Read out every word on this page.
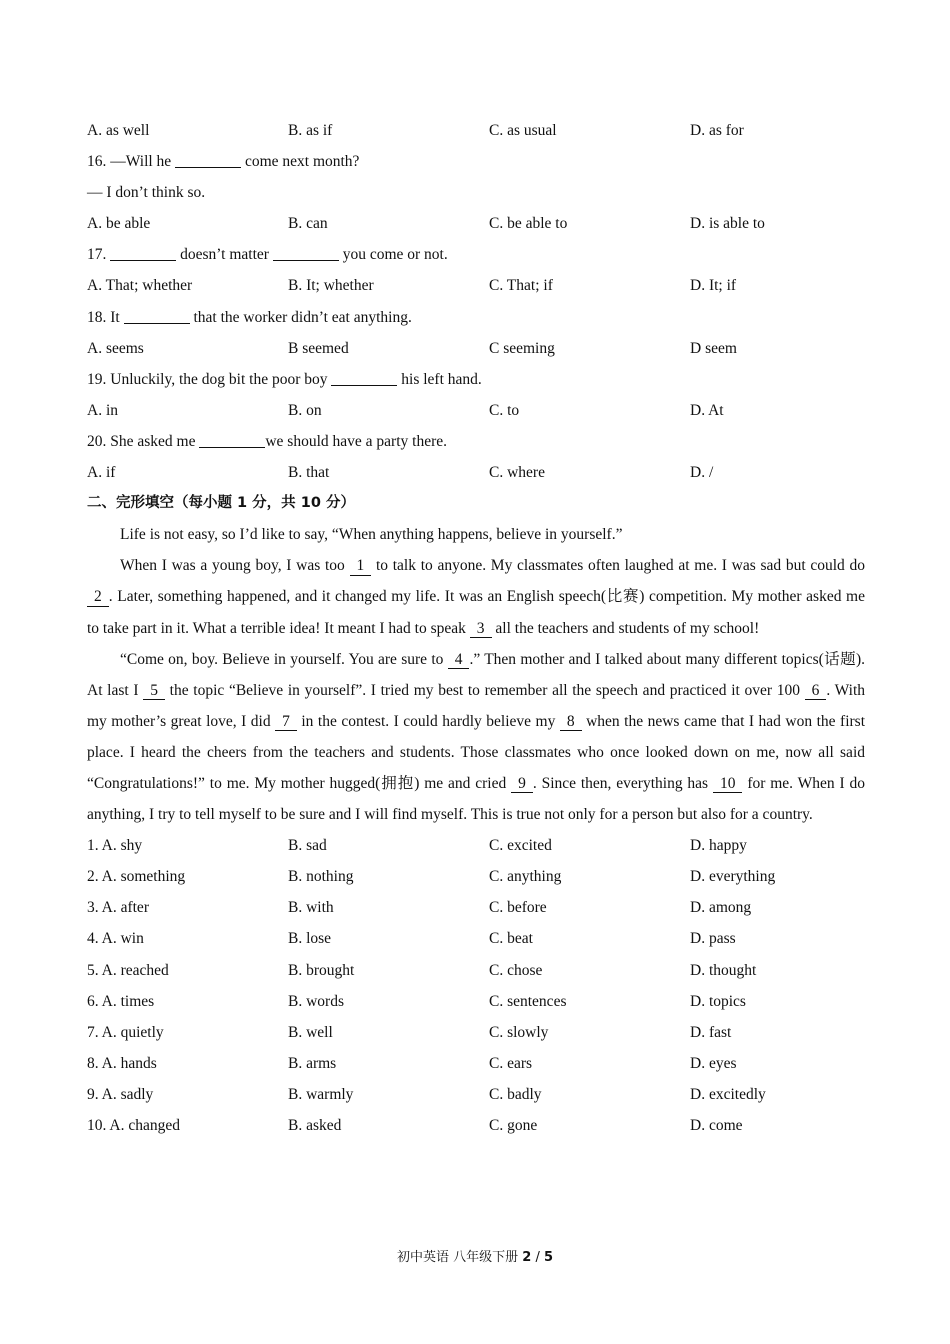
A. as well	B. as if	C. as usual	D. as for
16. —Will he	come next month?
— I don’t think so.
A. be able	B. can	C. be able to	D. is able to
17.	doesn’t matter	you come or not.
A. That; whether	B. It; whether	C. That; if	D. It; if
18. It	that the worker didn’t eat anything.
A. seems	B seemed	C seeming	D seem
19. Unluckily, the dog bit the poor boy	his left hand.
A. in	B. on	C. to	D. At
20. She asked me	we should have a party there.
A. if	B. that	C. where	D. /
二、完形填空（每小题 1 分，共 10 分）

Life is not easy, so I’d like to say, “When anything happens, believe in yourself.”

When I was a young boy, I was too 1 to talk to anyone. My classmates often laughed at me. I was sad but could do 2 . Later, something happened, and it changed my life. It was an English speech(比赛) competition. My mother asked me to take part in it. What a terrible idea! It meant I had to speak 3 all the teachers and students of my school!

“Come on, boy. Believe in yourself. You are sure to 4 .” Then mother and I talked about many different topics(话题). At last I 5 the topic “Believe in yourself”. I tried my best to remember all the speech and practiced it over 100 6 . With my mother’s great love, I did 7 in the contest. I could hardly believe my 8 when the news came that I had won the first place. I heard the cheers from the teachers and students. Those classmates who once looked down on me, now all said “Congratulations!” to me. My mother hugged(拥抱) me and cried 9 . Since then, everything has 10 for me. When I do anything, I try to tell myself to be sure and I will find myself. This is true not only for a person but also for a country.

1. A. shy	B. sad	C. excited	D. happy
2. A. something	B. nothing	C. anything	D. everything
3. A. after	B. with	C. before	D. among
4. A. win	B. lose	C. beat	D. pass
5. A. reached	B. brought	C. chose	D. thought
6. A. times	B. words	C. sentences	D. topics
7. A. quietly	B. well	C. slowly	D. fast
8. A. hands	B. arms	C. ears	D. eyes
9. A. sadly	B. warmly	C. badly	D. excitedly
10. A. changed	B. asked	C. gone	D. come
初中英语 八年级下册 2 / 5
